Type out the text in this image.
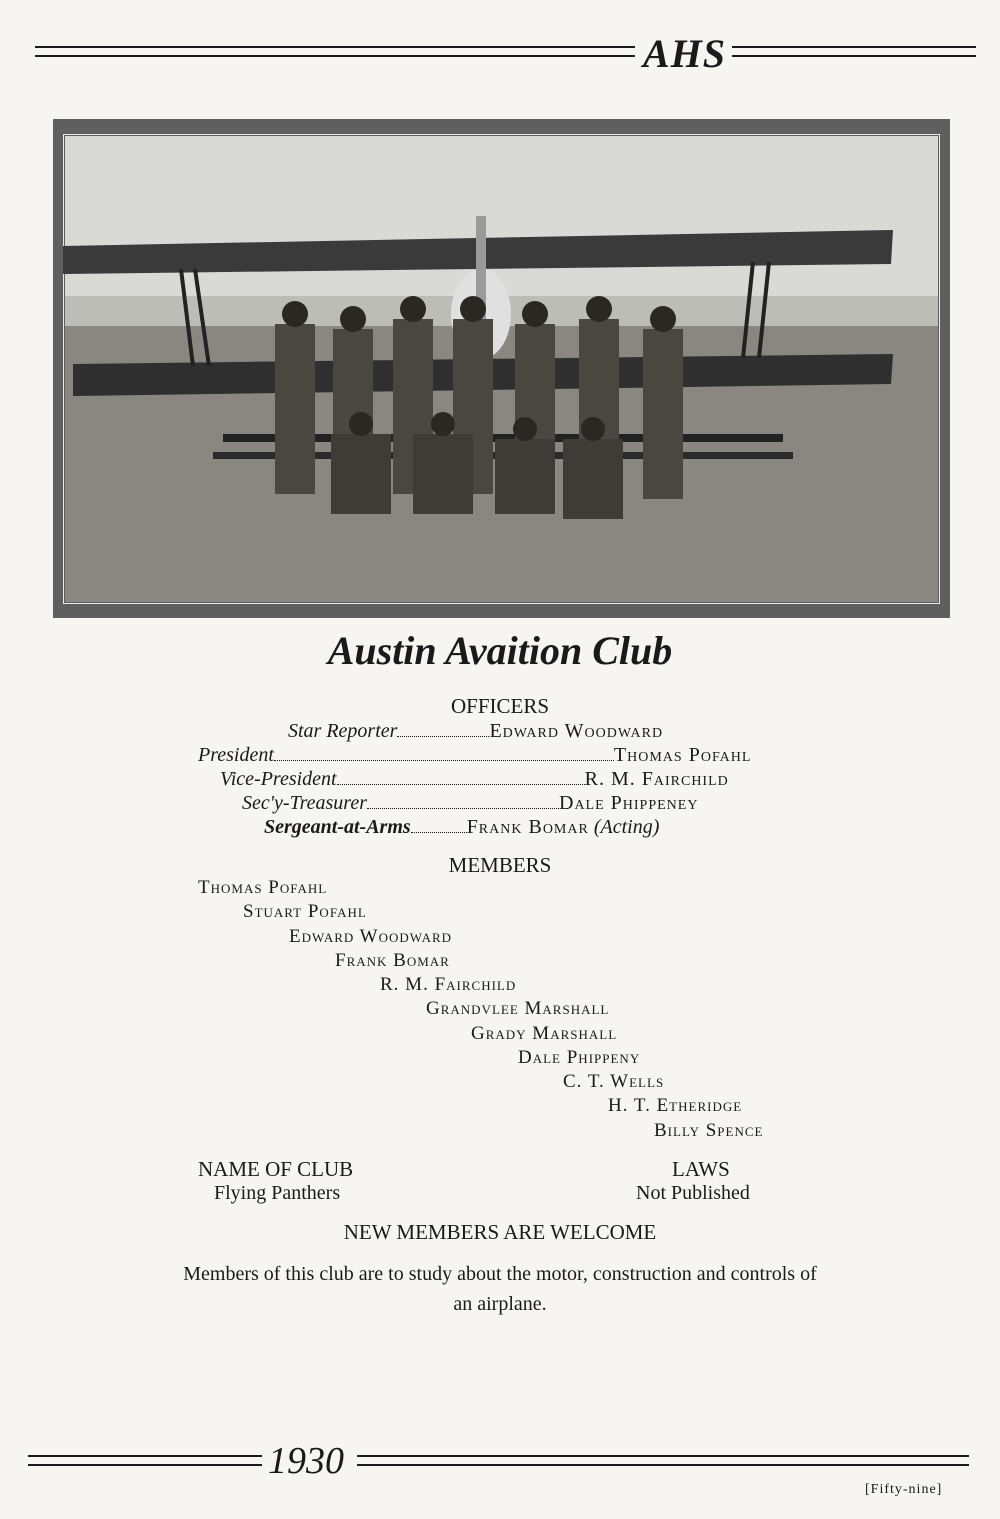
AHS
Austin Avaition Club
OFFICERS
Star Reporter	Edward Woodward
President	Thomas Pofahl
Vice-President	R. M. Fairchild
Sec'y-Treasurer	Dale Phippeney
Sergeant-at-Arms	Frank Bomar (Acting)
MEMBERS
Thomas Pofahl
Stuart Pofahl
Edward Woodward
Frank Bomar
R. M. Fairchild
Grandvlee Marshall
Grady Marshall
Dale Phippeny
C. T. Wells
H. T. Etheridge
Billy Spence
NAME OF CLUB
Flying Panthers
LAWS
Not Published
NEW MEMBERS ARE WELCOME
Members of this club are to study about the motor, construction and controls of an airplane.
1930
[Fifty-nine]
